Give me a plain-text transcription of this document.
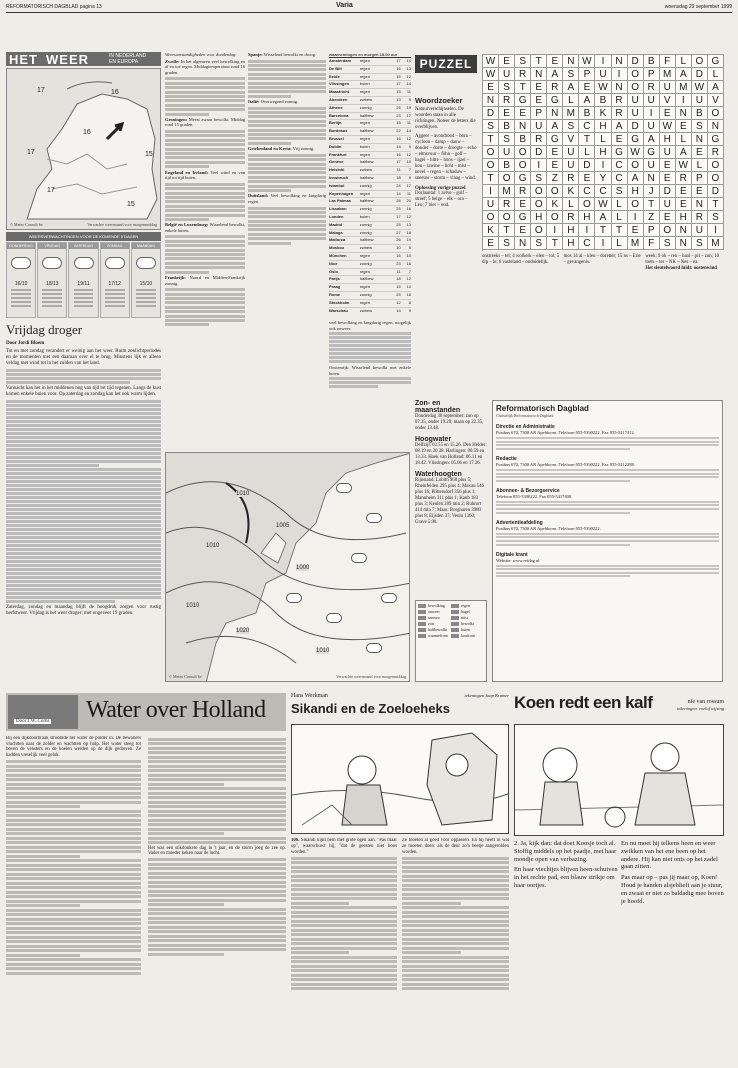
REFORMATORISCH DAGBLAD pagina 13	Varia	woensdag 29 september 1999
HET WEER	IN NEDERLAND
EN EUROPA
17	16
17
16
15
17
15
© Meteo Consult bv	Verwachte weermaand voor morgenmiddag
WEERSVERWACHTINGEN VOOR DE KOMENDE 5 DAGEN
DONDERDAG
16/10
VRIJDAG
18/13
ZATERDAG
19/11
ZONDAG
17/12
MAANDAG
15/10
Vrijdag droger
Door Jordi Bloem

Tot en met zondag verandert er weinig aan het weer. Ruim zonlichtperiodes en de momenten met een daaraan over el te brug. Minstens lijk er alleen veldag met wind tot in het zuiden van het land.

Vannacht kan het in het middenen nog van tijd tot tijd regenen. Langs de kust komen enkele buien voor. Op zaterdag en zondag kan het ook warm lijden.

Zaterdag, zondag en maandag blijft de hoogdruk zorgen voor rustig herfstweer. Vrijdag is het weer droger; met ongeveer 19 graden.

Weersomstandigheden voor donderdag:

Zwolle: In het algemeen veel bewolking en af en toe regen. Middagtemperatuur rond 16 graden.

Groningen: Meest zwaar bewolkt. Middag rond 15 graden.

Engeland en Ierland: Veel wind en van tijd tot tijd buien.

België en Luxemburg: Wisselend bewolkt, enkele buien.

Frankrijk: Noord en Midden-Frankrijk zonnig.

Spanje: Wisselend bewolkt en droog.

Italië: Overwegend zonnig.

Griekenland en Kreta: Vrij zonnig.

Duitsland: Veel bewolking en langdurig regen.

waarnemingen en morgen 18.00 uur
Amsterdam	regen	17	14
De Bilt	regen	16	13
Eelde	regen	15	12
Vlissingen	buien	17	14
Maastricht	regen	15	11
Aberdeen	zwbew	13	9
Athene	zonnig	26	19
Barcelona	halfbew	23	17
Berlijn	regen	15	11
Bordeaux	halfbew	22	14
Brussel	regen	16	12
Dublin	buien	14	9
Frankfurt	regen	16	12
Genève	halfbew	17	10
Helsinki	zwbew	11	7
Innsbruck	halfbew	18	9
Istanbul	zonnig	24	17
Kopenhagen	regen	14	11
Las Palmas	halfbew	26	20
Lissabon	zonnig	25	16
Londen	buien	17	12
Madrid	zonnig	25	13
Malaga	zonnig	27	18
Mallorca	halfbew	26	19
Moskou	zwbew	10	5
München	regen	16	10
Nice	zonnig	23	16
Oslo	regen	11	7
Parijs	halfbew	18	12
Praag	regen	15	10
Rome	zonnig	25	16
Stockholm	regen	12	8
Warschau	zwbew	14	9

veel bewolking en langdurig regen, mogelijk ook onweer.

Oostenrijk: Wisselend bewolkt met enkele buien.

PUZZEL
Woordzoeker
Natuurverschijnselen. De woorden staan in alle richtingen. Noteer de letters die overblijven.
Aggeer – avondrood – bora – cycloon – damp – dauw – donder – dorre – droogte – echo – elmsvuur – föhn – golf – hagel – hitte – hoos – ijzel – kou – lawine – licht – mist – nevel – regen – schaduw – sneeuw – storm – vlaag – wind.
Oplossing vorige puzzel
Dorlaantal: 1 zelve – golf – streef; 5 belge – elk – ora – Leo; 7 bier – oud.
W E S T E N W I	N D B F	L O G
W U R N A S P U	I	O P M A D L
E S T E R A E W N O R U M W A
N R G E G L A B R U U V	I	U V
D E E P N M B K R U	I	E N B O
S B N U A S C H A D U W E S N
T S B R G V T	L E G A H L N G
O U O D E U L H G W G U A E R
O B O	I	E U D	I	C O U E W L O
T O G S Z R E Y C A N E R P O
I	M R O O K C C S H J D E E D
U R E O K L O W L O T U E N T
O O G H O R H A L	I	Z E H R S
K T E O	I	H	I	T T E P O N U	I
E S N S T H C	I	L M F S N S M
onstreeks – tel; 4 wolkerk – elen – tol; 5 dip – le; 6 vasteland – onduidelijk.
mos 14 al – kleu – doretter; 15 ns – Erie – gevangenis.
week; 9 ok – ren – haal – pit – zon; 10 toets – ter – NK – Nes – ea.
Het sleutelwoord luidt: oostenwind
1010
1005
1010
1000
1010
1020
1010
© Meteo Consult bv	Verwachte weermaand voor morgenmiddag
Zon- en maanstanden
Donderdag 30 september: zon op 07.35, onder 19.20; maan op 22.35, onder 13.48.
Hoogwater
Delfzijl: 02.55 en 15.26. Den Helder: 08.19 en 20.38. Harlingen: 00.59 en 13.33. Hoek van Holland: 06.11 en 18.42. Vlissingen: 05.06 en 17.36.
Waterhoogten
Rijnstand: Lobith 968 plus 5; Rheinfelden 295 plus 4; Maxau 546 plus 16; Plittersdorf 356 plus 1; Mannheim 311 plus 1; Kaub 183 plus 3; Keulen 289 min 2; Ruhrort 414 min 7; Maas: Borgharen 3980 plus 8; Eijsden 37; Venlo 1360; Grave 5.90.
bewolking	regen
onweer	hagel
sneeuw	mist
zon	bewolkt
halfbewolkt	buien
warmtefront	koufront
Reformatorisch Dagblad
Christelijk Reformatorisch Dagblad
Directie en Administratie
Postbus 670, 7300 AR Apeldoorn. Telefoon 055-5390222. Fax 055-5417412.
Redactie
Postbus 670, 7300 AR Apeldoorn. Telefoon 055-5390222. Fax 055-5412288.
Abonnee- & Bezorgservice
Telefoon 055-5390222. Fax 055-5417400.
Advertentieafdeling
Postbus 670, 7300 AR Apeldoorn. Telefoon 055-5390222.
Digitale krant
Website: www.refdag.nl
Water over Holland
Door J.W. Corns

Bij een dijkdoorbraak stroomde het water de polder in. De bewoners vluchtten naar de zolder en wachtten op hulp. Het water steeg tot boven de vensters en de koeien werden op de dijk gedreven. Ze hadden vreselijk veel geluk.

Het was een stikdonkere dag in 't jaar, en de storm joeg de zee op. Vader en moeder keken naar de lucht.

Hans Werkman	tekeningen Jaap Kramer
Sikandi en de Zoeloeheks

106. Sikandi kijkt hem met grote ogen aan. "Pas maar op", waarschuwt hij, "dat de geesten niet boos worden."

Ze moeten al goed voor oppassen. En hij heeft in wat ze moeten doen: als de deur zo'n beetje aangerolden worden.

Koen redt een kalf	nie van rossum
tekeningen: roelof wijsing

2. Ja, kijk dan: dat doet Koosje toch al. Stoffig middels op het paadje, met haar mondje open van verbazing.

En haar viechtjes blijven heen-schuiven in het rechte pad, een blauw strikje om haar oortjes.

En nu moet hij telkens heen en weer zwikken van het ene been op het andere. Hij kan niet onts op het zadel gaan zitten.

Pas maar op – pas jij maar op, Koen! Houd je handen alsjeblieft aan je stuur, en zwaai er niet zo baldadig mee boven je hoofd.
